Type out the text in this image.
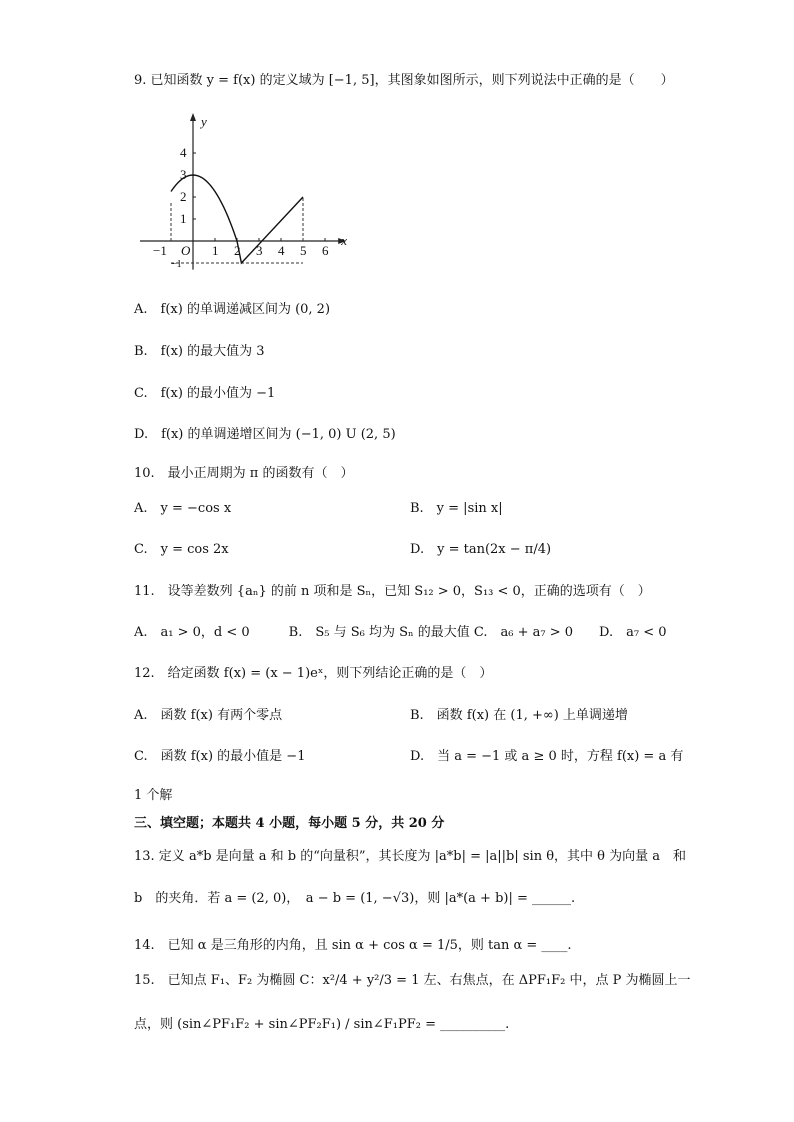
9. 已知函数 y = f(x) 的定义域为 [−1, 5]，其图象如图所示，则下列说法中正确的是（　　）
y
x
O
−1	1 2 3 4 5 6
1
2
3
4
−1
A.　f(x) 的单调递减区间为 (0, 2)
B.　f(x) 的最大值为 3
C.　f(x) 的最小值为 −1
D.　f(x) 的单调递增区间为 (−1, 0) U (2, 5)
10.　最小正周期为 π 的函数有（　）
A.　y = −cos x	B.　y = |sin x|
C.　y = cos 2x	D.　y = tan(2x − π/4)
11.　设等差数列 {aₙ} 的前 n 项和是 Sₙ，已知 S₁₂ > 0，S₁₃ < 0，正确的选项有（　）
A.　a₁ > 0，d < 0　　　B.　S₅ 与 S₆ 均为 Sₙ 的最大值 C.　a₆ + a₇ > 0　　D.　a₇ < 0
12.　给定函数 f(x) = (x − 1)eˣ，则下列结论正确的是（　）
A.　函数 f(x) 有两个零点	B.　函数 f(x) 在 (1, +∞) 上单调递增
C.　函数 f(x) 的最小值是 −1	D.　当 a = −1 或 a ≥ 0 时，方程 f(x) = a 有
1 个解
三、填空题；本题共 4 小题，每小题 5 分，共 20 分
13. 定义 a*b 是向量 a 和 b 的“向量积”，其长度为 |a*b| = |a||b| sin θ，其中 θ 为向量 a　和
b　的夹角．若 a = (2, 0)，　a − b = (1, −√3)，则 |a*(a + b)| = ______.
14.　已知 α 是三角形的内角，且 sin α + cos α = 1/5，则 tan α = ____.
15.　已知点 F₁、F₂ 为椭圆 C：x²/4 + y²/3 = 1 左、右焦点，在 ΔPF₁F₂ 中，点 P 为椭圆上一
点，则 (sin∠PF₁F₂ + sin∠PF₂F₁) / sin∠F₁PF₂ = __________.
